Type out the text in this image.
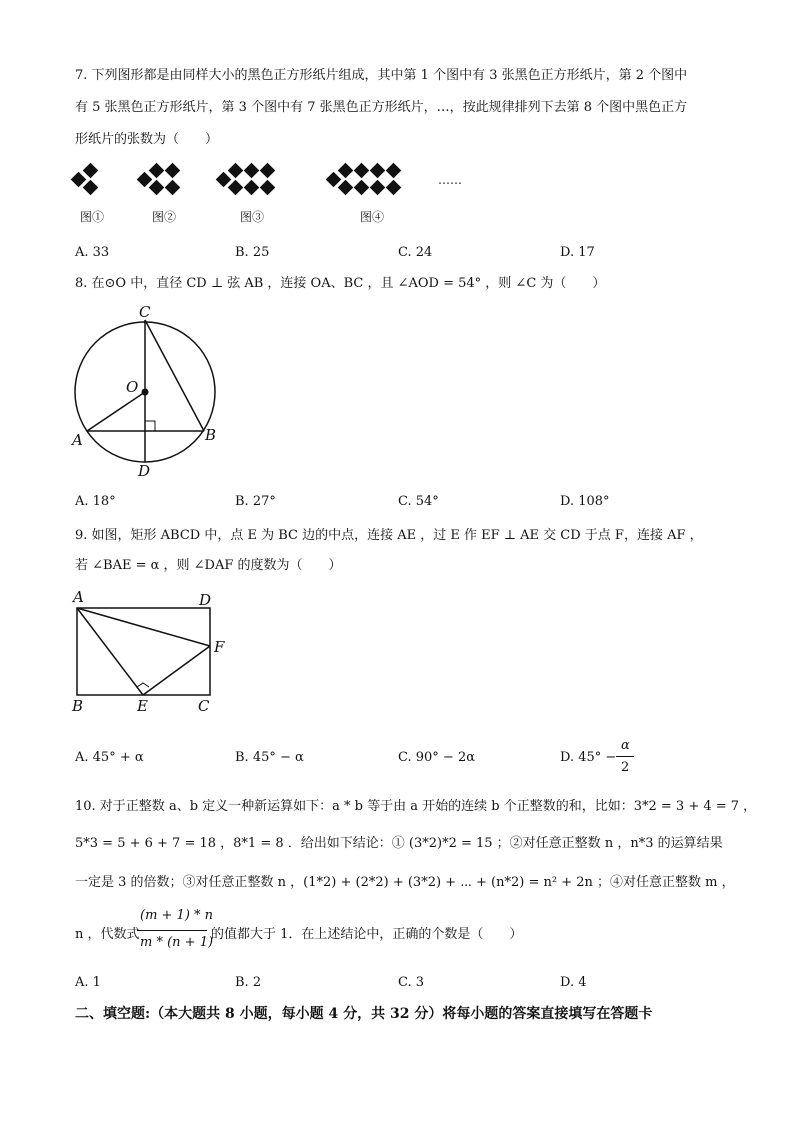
7. 下列图形都是由同样大小的黑色正方形纸片组成，其中第 1 个图中有 3 张黑色正方形纸片，第 2 个图中
有 5 张黑色正方形纸片，第 3 个图中有 7 张黑色正方形纸片，…，按此规律排列下去第 8 个图中黑色正方
形纸片的张数为（　　）
……
图①	图②	图③	图④
A. 33	B. 25	C. 24	D. 17
8. 在⊙O 中，直径 CD ⊥ 弦 AB ，连接 OA、BC ，且 ∠AOD = 54° ，则 ∠C 为（　　）
C
O
A	B
D
A. 18°	B. 27°	C. 54°	D. 108°
9. 如图，矩形 ABCD 中，点 E 为 BC 边的中点，连接 AE ，过 E 作 EF ⊥ AE 交 CD 于点 F，连接 AF ，
若 ∠BAE = α ，则 ∠DAF 的度数为（　　）
A	D
F
B	E	C
A. 45° + α	B. 45° − α	C. 90° − 2α	D. 45° −
α
2
10. 对于正整数 a、b 定义一种新运算如下：a * b 等于由 a 开始的连续 b 个正整数的和，比如：3*2 = 3 + 4 = 7 ，
5*3 = 5 + 6 + 7 = 18 ，8*1 = 8 ．给出如下结论：① (3*2)*2 = 15 ；②对任意正整数 n ，n*3 的运算结果
一定是 3 的倍数；③对任意正整数 n ，(1*2) + (2*2) + (3*2) + ⋯ + (n*2) = n² + 2n ；④对任意正整数 m ，
n ，代数式
(m + 1) * n
m * (n + 1)
的值都大于 1．在上述结论中，正确的个数是（　　）
A. 1	B. 2	C. 3	D. 4
二、填空题:（本大题共 8 小题，每小题 4 分，共 32 分）将每小题的答案直接填写在答题卡
